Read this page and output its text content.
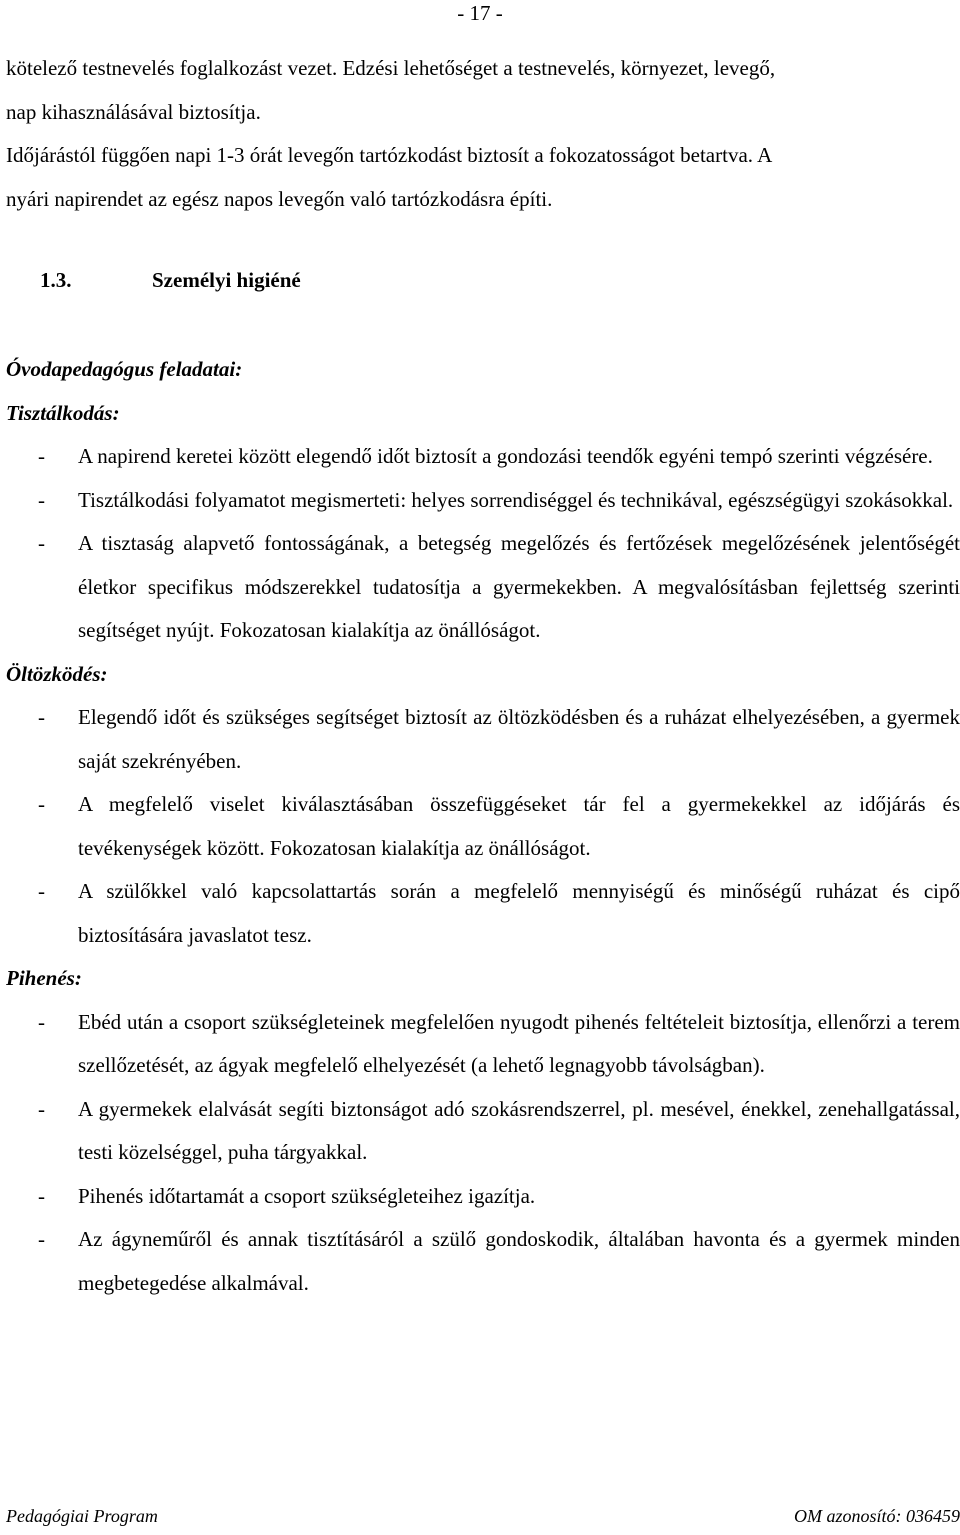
- 17 -

kötelező testnevelés foglalkozást vezet. Edzési lehetőséget a testnevelés, környezet, levegő,

nap kihasználásával biztosítja.

Időjárástól függően napi 1-3 órát levegőn tartózkodást biztosít a fokozatosságot betartva. A

nyári napirendet az egész napos levegőn való tartózkodásra építi.

1.3.	Személyi higiéné

Óvodapedagógus feladatai:

Tisztálkodás:

- A napirend keretei között elegendő időt biztosít a gondozási teendők egyéni tempó szerinti végzésére.

- Tisztálkodási folyamatot megismerteti: helyes sorrendiséggel és technikával, egészségügyi szokásokkal.

- A tisztaság alapvető fontosságának, a betegség megelőzés és fertőzések megelőzésének jelentőségét életkor specifikus módszerekkel tudatosítja a gyermekekben. A megvalósításban fejlettség szerinti segítséget nyújt. Fokozatosan kialakítja az önállóságot.

Öltözködés:

- Elegendő időt és szükséges segítséget biztosít az öltözködésben és a ruházat elhelyezésében, a gyermek saját szekrényében.

- A megfelelő viselet kiválasztásában összefüggéseket tár fel a gyermekekkel az időjárás és tevékenységek között. Fokozatosan kialakítja az önállóságot.

- A szülőkkel való kapcsolattartás során a megfelelő mennyiségű és minőségű ruházat és cipő biztosítására javaslatot tesz.

Pihenés:

- Ebéd után a csoport szükségleteinek megfelelően nyugodt pihenés feltételeit biztosítja, ellenőrzi a terem szellőzetését, az ágyak megfelelő elhelyezését (a lehető legnagyobb távolságban).

- A gyermekek elalvását segíti biztonságot adó szokásrendszerrel, pl. mesével, énekkel, zenehallgatással, testi közelséggel, puha tárgyakkal.

- Pihenés időtartamát a csoport szükségleteihez igazítja.

- Az ágyneműről és annak tisztításáról a szülő gondoskodik, általában havonta és a gyermek minden megbetegedése alkalmával.

Pedagógiai Program	OM azonosító: 036459
